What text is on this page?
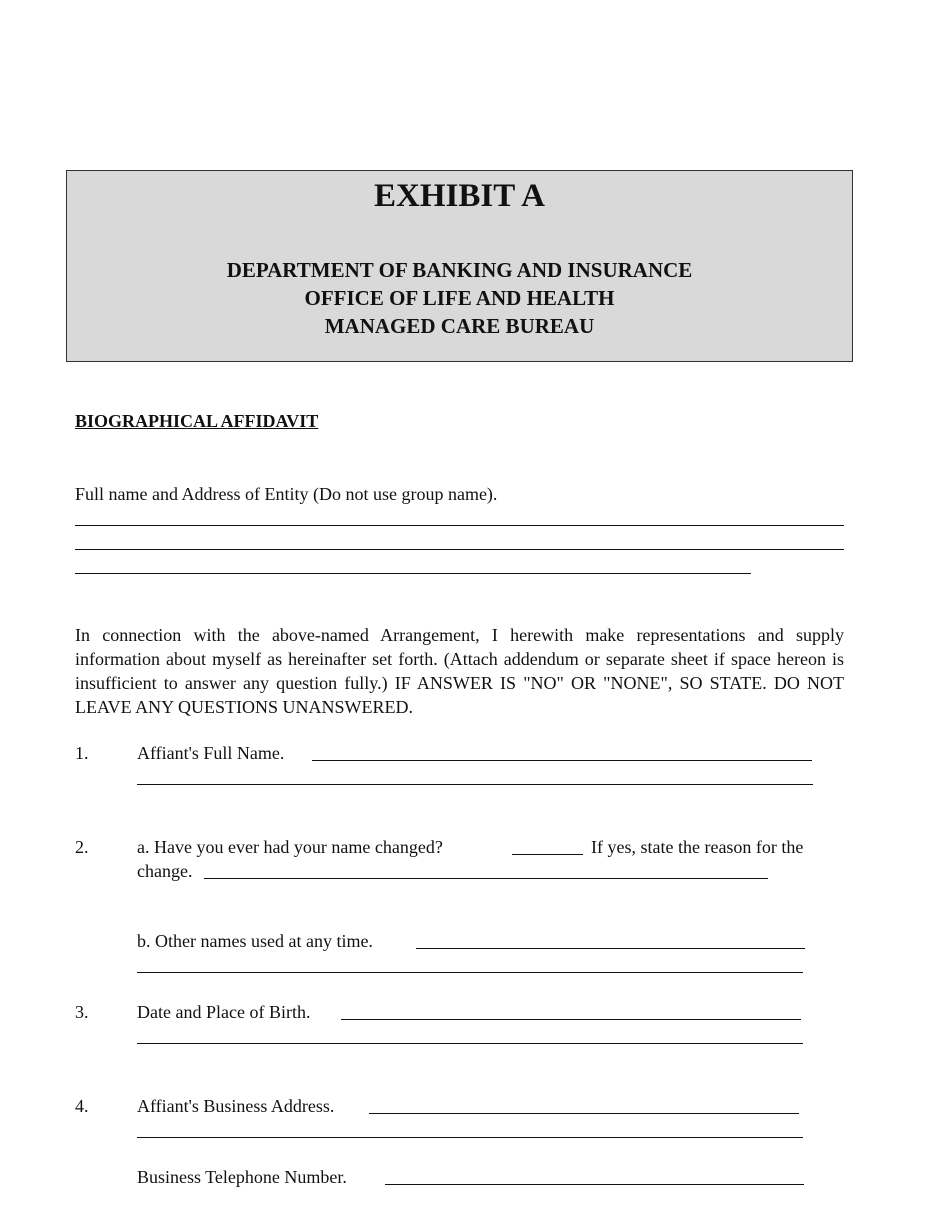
EXHIBIT A
DEPARTMENT OF BANKING AND INSURANCE
OFFICE OF LIFE AND HEALTH
MANAGED CARE BUREAU
BIOGRAPHICAL AFFIDAVIT
Full name and Address of Entity (Do not use group name).
In connection with the above-named Arrangement, I herewith make representations and supply information about myself as hereinafter set forth. (Attach addendum or separate sheet if space hereon is insufficient to answer any question fully.) IF ANSWER IS "NO" OR "NONE", SO STATE. DO NOT LEAVE ANY QUESTIONS UNANSWERED.
1.	Affiant's Full Name.
2.	a. Have you ever had your name changed?	If yes, state the reason for the
change.
b. Other names used at any time.
3.	Date and Place of Birth.
4.	Affiant's Business Address.
Business Telephone Number.
